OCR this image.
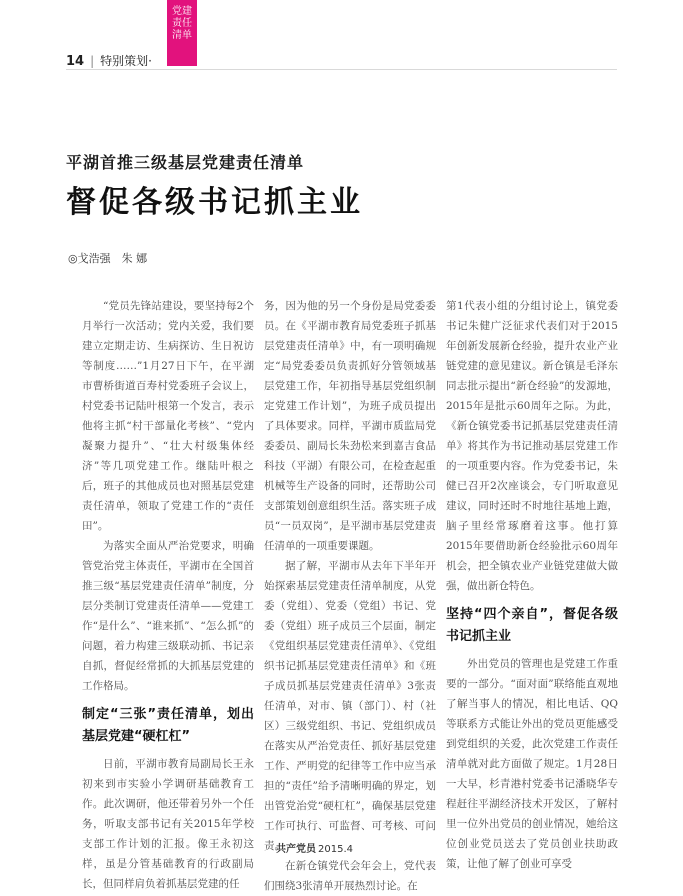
党建
责任
清单
14 | 特别策划·
平湖首推三级基层党建责任清单
督促各级书记抓主业
◎戈浩强　朱 娜

“党员先锋站建设，要坚持每2个月举行一次活动；党内关爱，我们要建立定期走访、生病探访、生日祝访等制度……”1月27日下午，在平湖市曹桥街道百寿村党委班子会议上，村党委书记陆叶根第一个发言，表示他将主抓“村干部量化考核”、“党内凝聚力提升”、“壮大村级集体经济”等几项党建工作。继陆叶根之后，班子的其他成员也对照基层党建责任清单，领取了党建工作的“责任田”。

为落实全面从严治党要求，明确管党治党主体责任，平湖市在全国首推三级“基层党建责任清单”制度，分层分类制订党建责任清单——党建工作“是什么”、“谁来抓”、“怎么抓”的问题，着力构建三级联动抓、书记亲自抓，督促经常抓的大抓基层党建的工作格局。

制定“三张”责任清单，划出基层党建“硬杠杠”

日前，平湖市教育局副局长王永初来到市实验小学调研基础教育工作。此次调研，他还带着另外一个任务，听取支部书记有关2015年学校支部工作计划的汇报。像王永初这样，虽是分管基础教育的行政副局长，但同样肩负着抓基层党建的任

务，因为他的另一个身份是局党委委员。在《平湖市教育局党委班子抓基层党建责任清单》中，有一项明确规定“局党委委员负责抓好分管领域基层党建工作，年初指导基层党组织制定党建工作计划”，为班子成员提出了具体要求。同样，平湖市质监局党委委员、副局长朱劲松来到嘉吉食品科技（平湖）有限公司，在检查起重机械等生产设备的同时，还帮助公司支部策划创意组织生活。落实班子成员“一员双岗”，是平湖市基层党建责任清单的一项重要课题。

据了解，平湖市从去年下半年开始探索基层党建责任清单制度，从党委（党组）、党委（党组）书记、党委（党组）班子成员三个层面，制定《党组织基层党建责任清单》、《党组织书记抓基层党建责任清单》和《班子成员抓基层党建责任清单》3张责任清单，对市、镇（部门）、村（社区）三级党组织、书记、党组织成员在落实从严治党责任、抓好基层党建工作、严明党的纪律等工作中应当承担的“责任”给予清晰明确的界定，划出管党治党“硬杠杠”，确保基层党建工作可执行、可监督、可考核、可问责。

在新仓镇党代会年会上，党代表们围绕3张清单开展热烈讨论。在

第1代表小组的分组讨论上，镇党委书记朱健广泛征求代表们对于2015年创新发展新仓经验，提升农业产业链党建的意见建议。新仓镇是毛泽东同志批示提出“新仓经验”的发源地，2015年是批示60周年之际。为此，《新仓镇党委书记抓基层党建责任清单》将其作为书记推动基层党建工作的一项重要内容。作为党委书记，朱健已召开2次座谈会，专门听取意见建议，同时还时不时地往基地上跑，脑子里经常琢磨着这事。他打算2015年要借助新仓经验批示60周年机会，把全镇农业产业链党建做大做强，做出新仓特色。

坚持“四个亲自”，督促各级书记抓主业

外出党员的管理也是党建工作重要的一部分。“面对面”联络能直观地了解当事人的情况，相比电话、QQ等联系方式能让外出的党员更能感受到党组织的关爱，此次党建工作责任清单就对此方面做了规定。1月28日一大早，杉青港村党委书记潘晓华专程赶往平湖经济技术开发区，了解村里一位外出党员的创业情况，她给这位创业党员送去了党员创业扶助政策，让他了解了创业可享受

共产党员 2015.4
